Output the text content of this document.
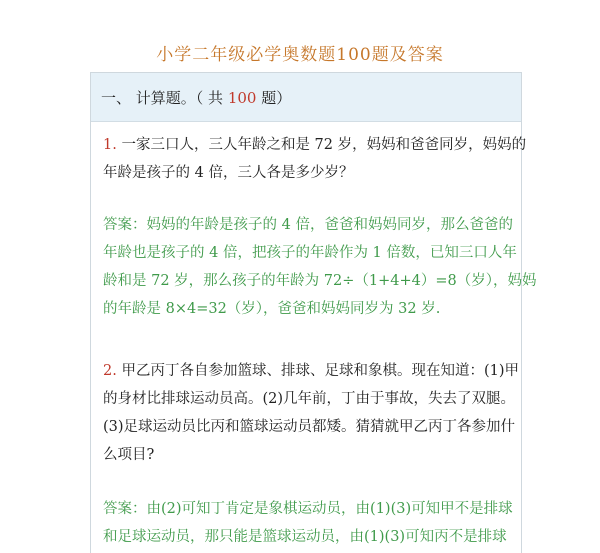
小学二年级必学奥数题100题及答案
一、 计算题。（ 共 100 题）
1. 一家三口人，三人年龄之和是 72 岁，妈妈和爸爸同岁，妈妈的
年龄是孩子的 4 倍，三人各是多少岁？
答案：妈妈的年龄是孩子的 4 倍，爸爸和妈妈同岁，那么爸爸的
年龄也是孩子的 4 倍，把孩子的年龄作为 1 倍数，已知三口人年
龄和是 72 岁，那么孩子的年龄为 72÷（1+4+4）=8（岁），妈妈
的年龄是 8×4=32（岁），爸爸和妈妈同岁为 32 岁.
2. 甲乙丙丁各自参加篮球、排球、足球和象棋。现在知道：(1)甲
的身材比排球运动员高。(2)几年前，丁由于事故，失去了双腿。
(3)足球运动员比丙和篮球运动员都矮。猜猜就甲乙丙丁各参加什
么项目?
答案：由(2)可知丁肯定是象棋运动员，由(1)(3)可知甲不是排球
和足球运动员，那只能是篮球运动员，由(1)(3)可知丙不是排球
